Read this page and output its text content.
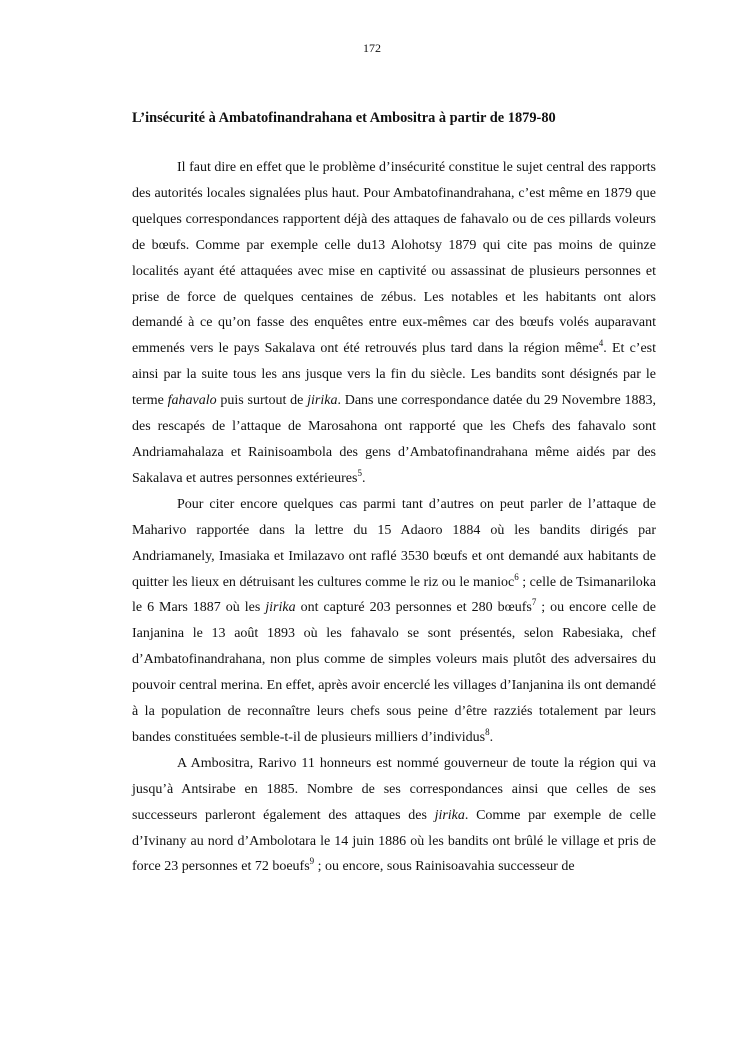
172
L’insécurité à Ambatofinandrahana et Ambositra à partir de 1879-80

Il faut dire en effet que le problème d’insécurité constitue le sujet central des rapports des autorités locales signalées plus haut. Pour Ambatofinandrahana, c’est même en 1879 que quelques correspondances rapportent déjà des attaques de fahavalo ou de ces pillards voleurs de bœufs. Comme par exemple celle du13 Alohotsy 1879 qui cite pas moins de quinze localités ayant été attaquées avec mise en captivité ou assassinat de plusieurs personnes et prise de force de quelques centaines de zébus. Les notables et les habitants ont alors demandé à ce qu’on fasse des enquêtes entre eux-mêmes car des bœufs volés auparavant emmenés vers le pays Sakalava ont été retrouvés plus tard dans la région même$^4$. Et c’est ainsi par la suite tous les ans jusque vers la fin du siècle. Les bandits sont désignés par le terme fahavalo puis surtout de jirika. Dans une correspondance datée du 29 Novembre 1883, des rescapés de l’attaque de Marosahona ont rapporté que les Chefs des fahavalo sont Andriamahalaza et Rainisoambola des gens d’Ambatofinandrahana même aidés par des Sakalava et autres personnes extérieures$^5$.

Pour citer encore quelques cas parmi tant d’autres on peut parler de l’attaque de Maharivo rapportée dans la lettre du 15 Adaoro 1884 où les bandits dirigés par Andriamanely, Imasiaka et Imilazavo ont raflé 3530 bœufs et ont demandé aux habitants de quitter les lieux en détruisant les cultures comme le riz ou le manioc$^6$ ; celle de Tsimanariloka le 6 Mars 1887 où les jirika ont capturé 203 personnes et 280 bœufs$^7$ ; ou encore celle de Ianjanina le 13 août 1893 où les fahavalo se sont présentés, selon Rabesiaka, chef d’Ambatofinandrahana, non plus comme de simples voleurs mais plutôt des adversaires du pouvoir central merina. En effet, après avoir encerclé les villages d’Ianjanina ils ont demandé à la population de reconnaître leurs chefs sous peine d’être razziés totalement par leurs bandes constituées semble-t-il de plusieurs milliers d’individus$^8$.

A Ambositra, Rarivo 11 honneurs est nommé gouverneur de toute la région qui va jusqu’à Antsirabe en 1885. Nombre de ses correspondances ainsi que celles de ses successeurs parleront également des attaques des jirika. Comme par exemple de celle d’Ivinany au nord d’Ambolotara le 14 juin 1886 où les bandits ont brûlé le village et pris de force 23 personnes et 72 boeufs$^9$ ; ou encore, sous Rainisoavahia successeur de
